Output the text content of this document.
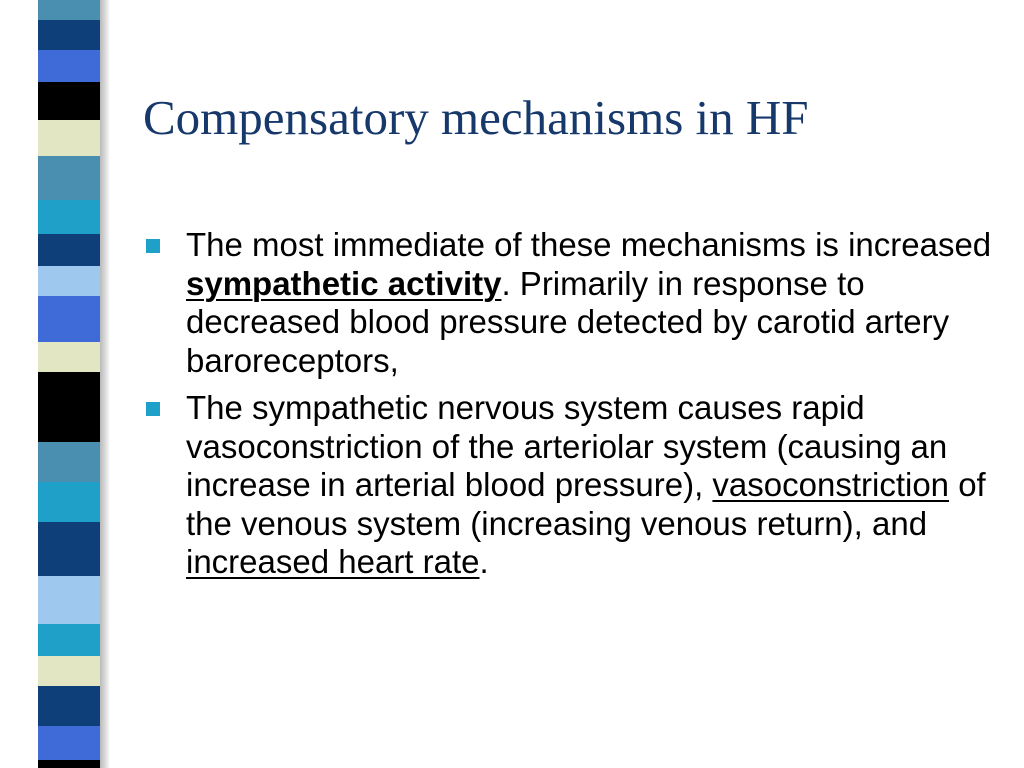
Compensatory mechanisms in HF
The most immediate of these mechanisms is increased sympathetic activity. Primarily in response to decreased blood pressure detected by carotid artery baroreceptors,
The sympathetic nervous system causes rapid vasoconstriction of the arteriolar system (causing an increase in arterial blood pressure), vasoconstriction of the venous system (increasing venous return), and increased heart rate.
